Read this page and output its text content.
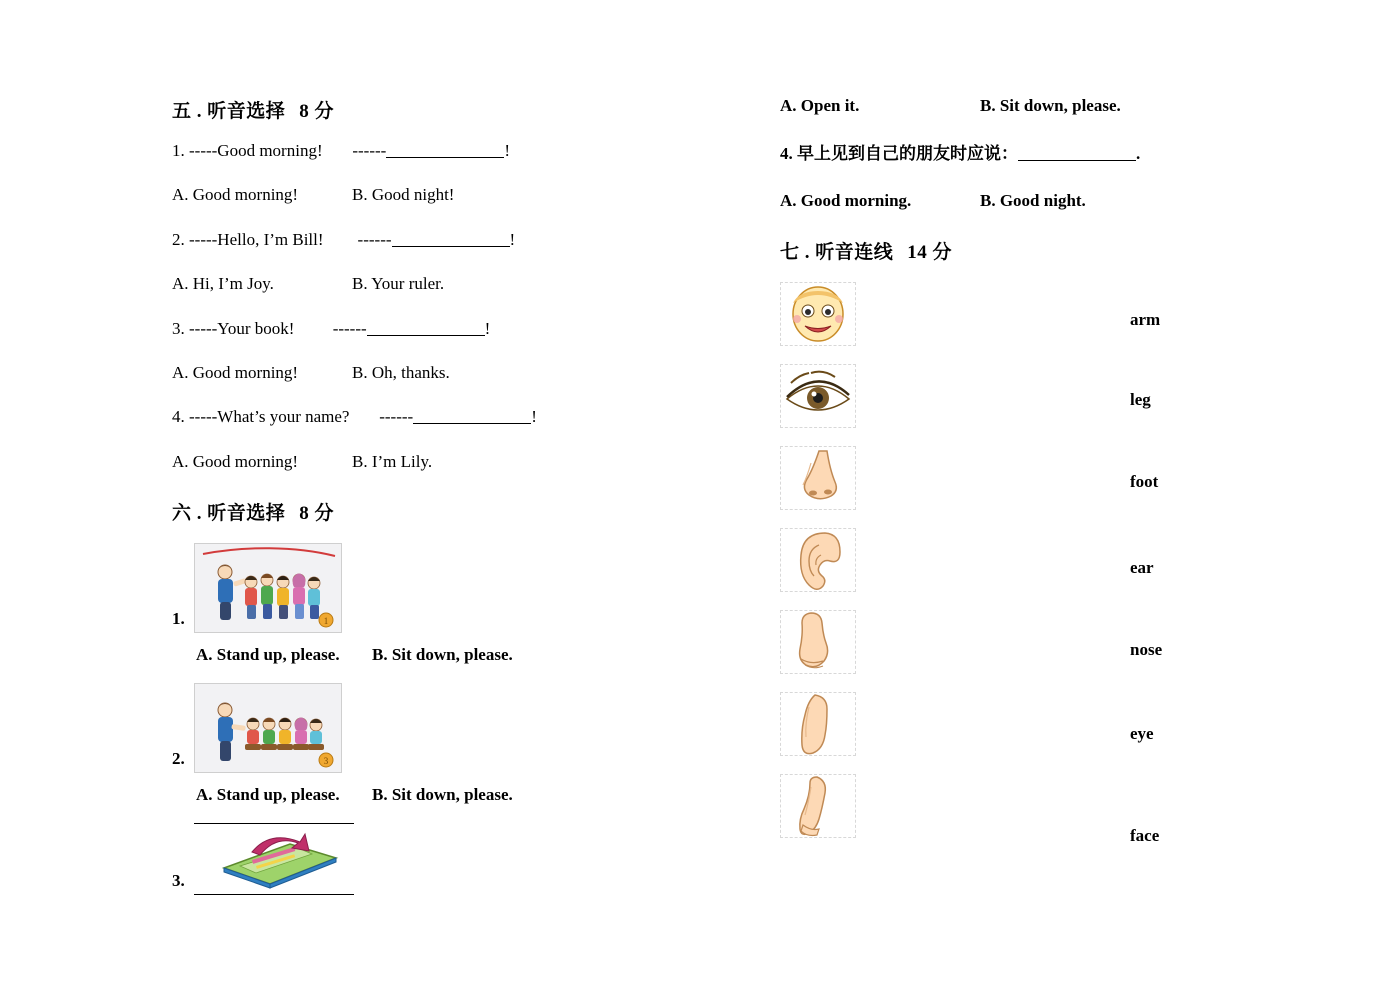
五 . 听音选择 8 分
1. -----Good morning! ------	!
A. Good morning!	B. Good night!
2. -----Hello, I’m Bill! ------	!
A. Hi, I’m Joy.	B. Your ruler.
3. -----Your book! ------	!
A. Good morning!	B. Oh, thanks.
4. -----What’s your name? ------	!
A. Good morning!	B. I’m Lily.
六 . 听音选择 8 分
1.	1
A. Stand up, please. B. Sit down, please.
2.	3
A. Stand up, please. B. Sit down, please.
3.
A. Open it.	B. Sit down, please.
4. 早上见到自己的朋友时应说：	.
A. Good morning.	B. Good night.
七 . 听音连线 14 分
arm
leg
foot
ear
nose
eye
face
